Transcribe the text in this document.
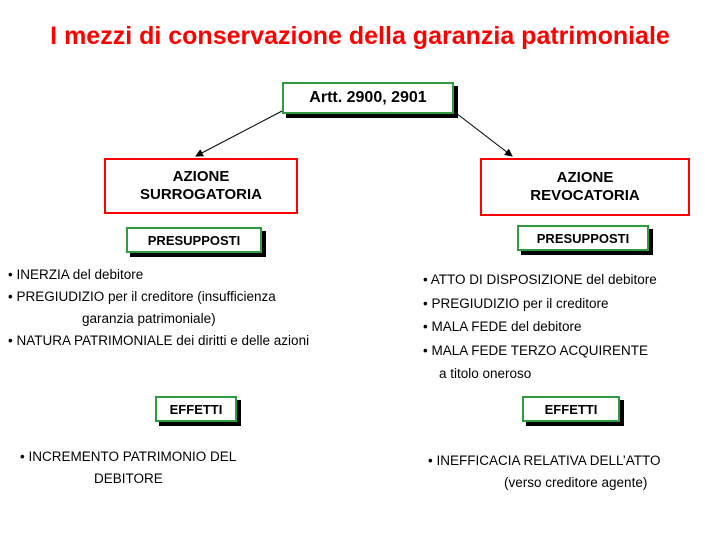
I mezzi di conservazione della garanzia patrimoniale
Artt. 2900, 2901
AZIONE
SURROGATORIA
PRESUPPOSTI
• INERZIA del debitore
• PREGIUDIZIO per il creditore (insufficienza
garanzia patrimoniale)
• NATURA PATRIMONIALE dei diritti e delle azioni
EFFETTI
• INCREMENTO PATRIMONIO DEL
DEBITORE
AZIONE
REVOCATORIA
PRESUPPOSTI
• ATTO DI DISPOSIZIONE del debitore
• PREGIUDIZIO per il creditore
• MALA FEDE del debitore
• MALA FEDE TERZO ACQUIRENTE
a titolo oneroso
EFFETTI
• INEFFICACIA RELATIVA DELL’ATTO
(verso creditore agente)
